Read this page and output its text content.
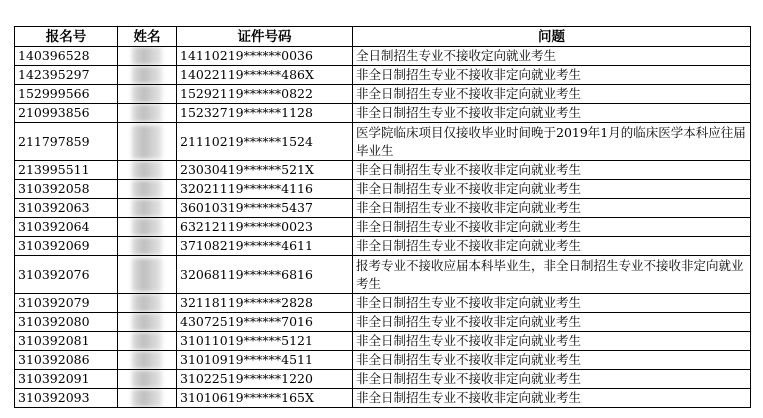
报名号	姓名	证件号码	问题
140396528		14110219******0036	全日制招生专业不接收定向就业考生
142395297		14022119******486X	非全日制招生专业不接收非定向就业考生
152999566		15292119******0822	非全日制招生专业不接收非定向就业考生
210993856		15232719******1128	非全日制招生专业不接收非定向就业考生
211797859		21110219******1524	医学院临床项目仅接收毕业时间晚于2019年1月的临床医学本科应往届毕业生
213995511		23030419******521X	非全日制招生专业不接收非定向就业考生
310392058		32021119******4116	非全日制招生专业不接收非定向就业考生
310392063		36010319******5437	非全日制招生专业不接收非定向就业考生
310392064		63212119******0023	非全日制招生专业不接收非定向就业考生
310392069		37108219******4611	非全日制招生专业不接收非定向就业考生
310392076		32068119******6816	报考专业不接收应届本科毕业生，非全日制招生专业不接收非定向就业考生
310392079		32118119******2828	非全日制招生专业不接收非定向就业考生
310392080		43072519******7016	非全日制招生专业不接收非定向就业考生
310392081		31011019******5121	非全日制招生专业不接收非定向就业考生
310392086		31010919******4511	非全日制招生专业不接收非定向就业考生
310392091		31022519******1220	非全日制招生专业不接收非定向就业考生
310392093		31010619******165X	非全日制招生专业不接收非定向就业考生
